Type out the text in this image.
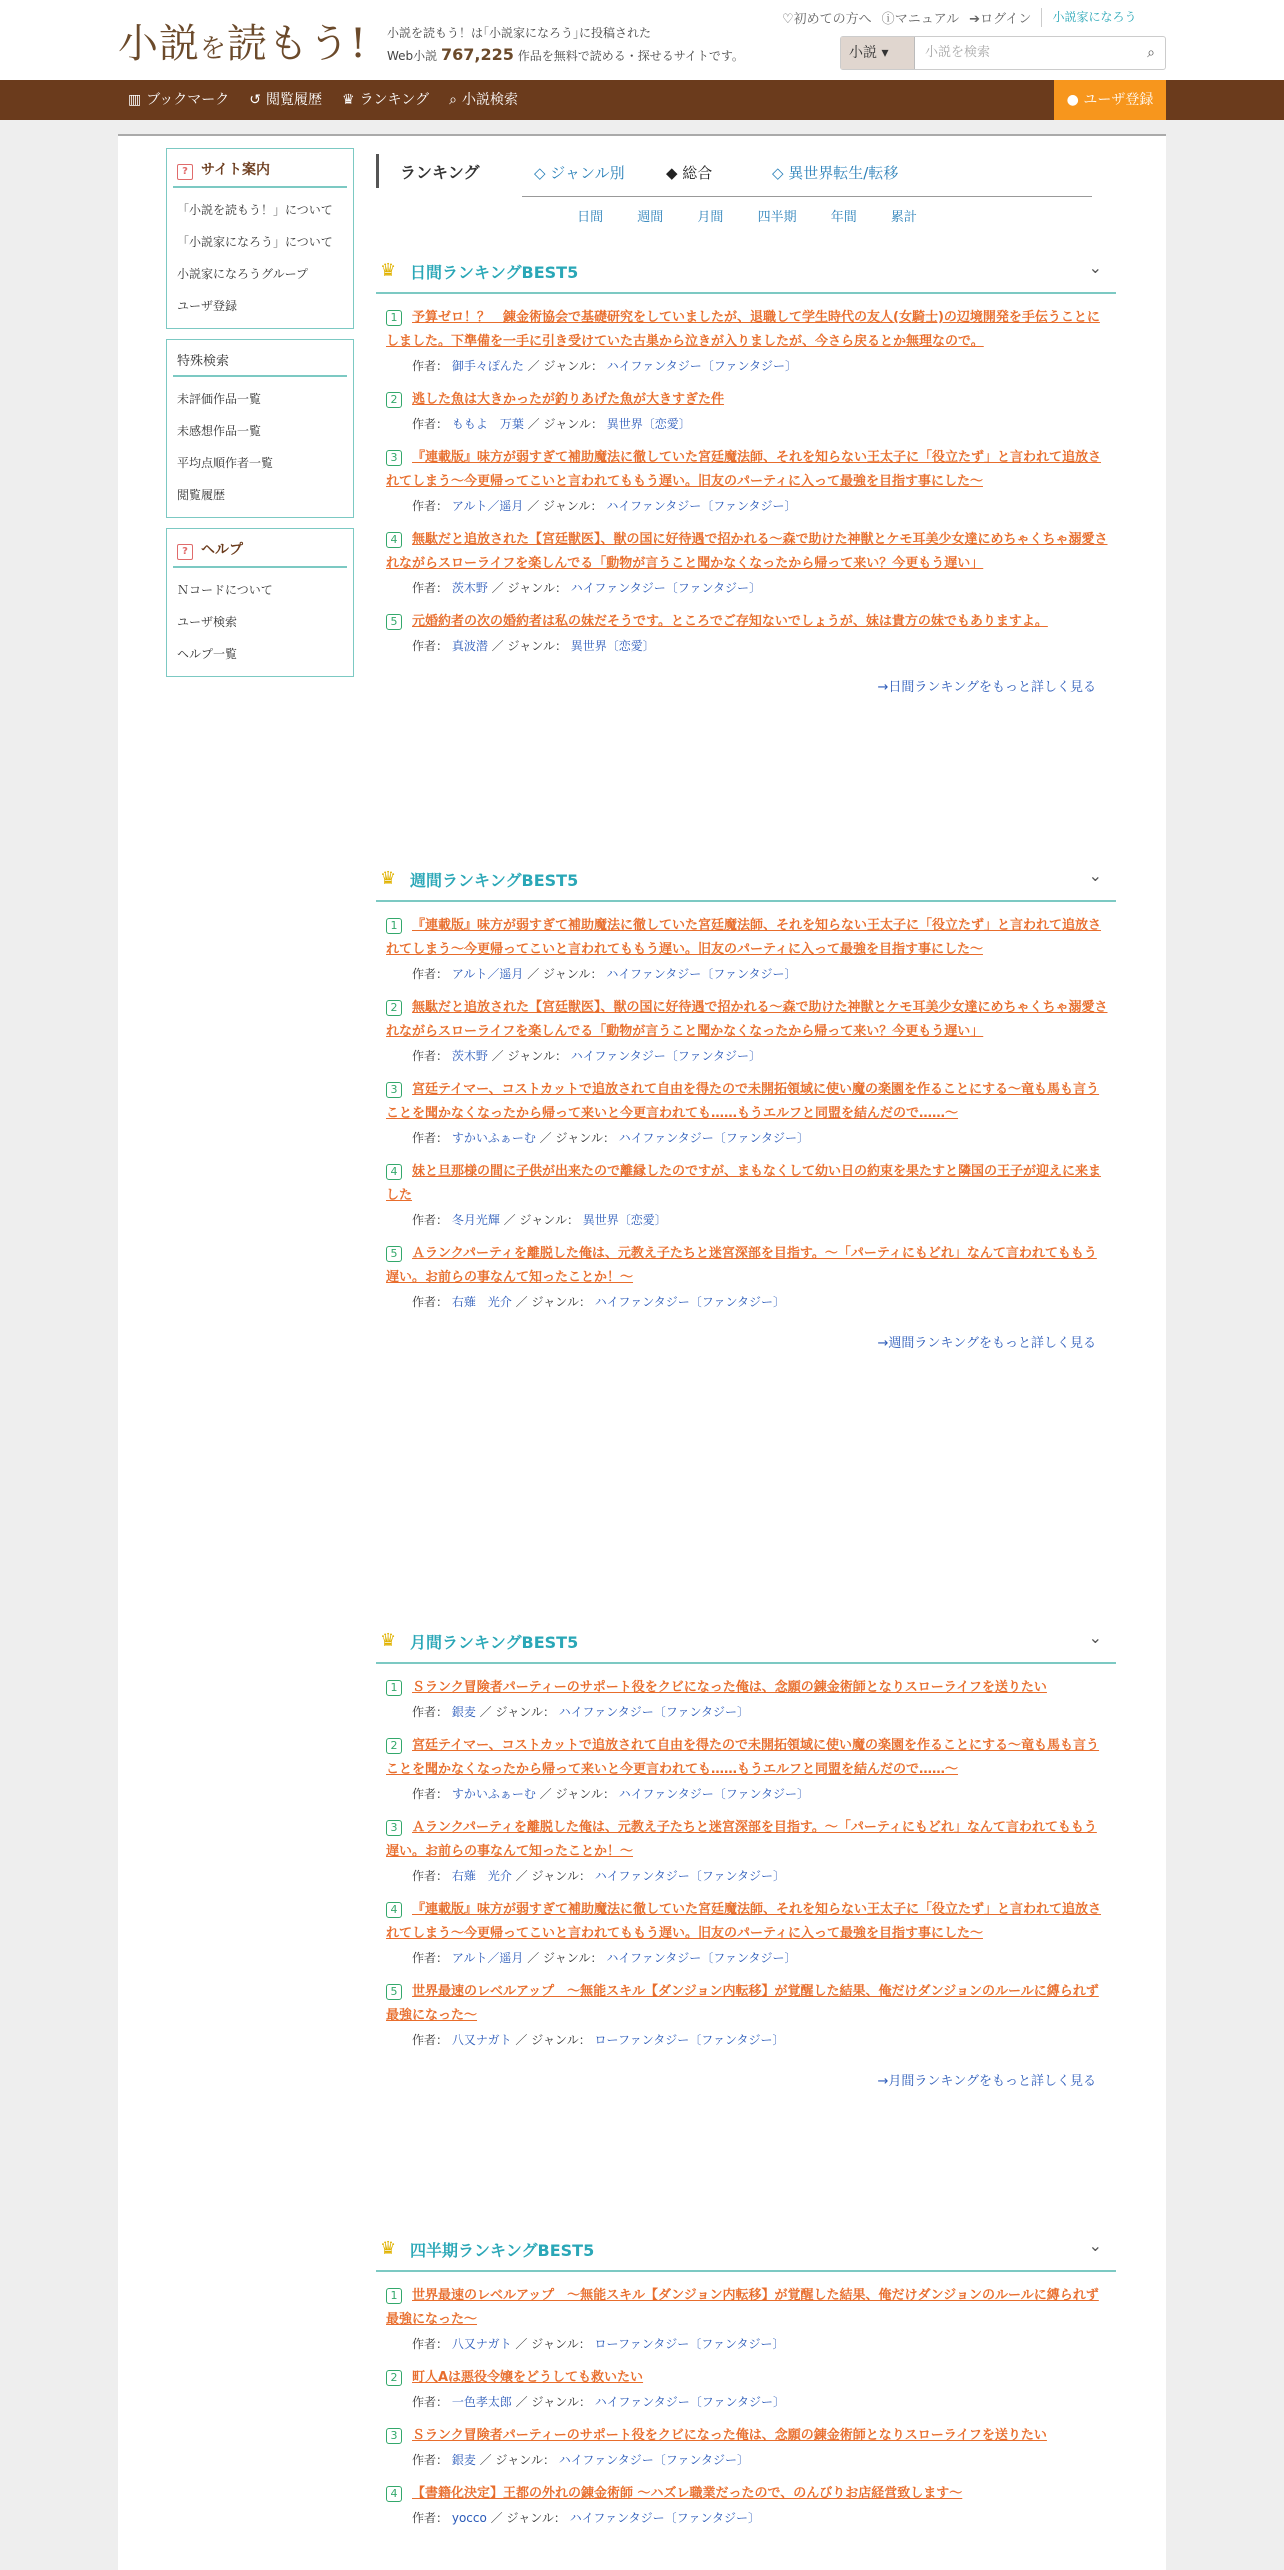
小説を読もう! 小説を読もう！は｢小説家になろう｣に投稿された
Web小説 767,225 作品を無料で読める・探せるサイトです。
♡初めての方へ ⓘマニュアル ➔ログイン	小説家になろう
小説 ▾	小説を検索	⌕
▥ ブックマーク ↺ 閲覧履歴 ♛ ランキング ⌕ 小説検索	● ユーザ登録
? サイト案内
「小説を読もう！」について
「小説家になろう」について
小説家になろうグループ
ユーザ登録
特殊検索
未評価作品一覧
未感想作品一覧
平均点順作者一覧
閲覧履歴
? ヘルプ
Ｎコードについて
ユーザ検索
ヘルプ一覧
ランキング	◇ ジャンル別	◆ 総合	◇ 異世界転生/転移
日間	週間	月間	四半期	年間	累計
♛ 日間ランキングBEST5	⌄
1 予算ゼロ！？　錬金術協会で基礎研究をしていましたが、退職して学生時代の友人(女騎士)の辺境開発を手伝うことにしました。下準備を一手に引き受けていた古巣から泣きが入りましたが、今さら戻るとか無理なので。
作者： 御手々ぽんた ／ ジャンル： ハイファンタジー〔ファンタジー〕
2 逃した魚は大きかったが釣りあげた魚が大きすぎた件
作者： ももよ　万葉 ／ ジャンル： 異世界〔恋愛〕
3 『連載版』味方が弱すぎて補助魔法に徹していた宮廷魔法師、それを知らない王太子に「役立たず」と言われて追放されてしまう〜今更帰ってこいと言われてももう遅い。旧友のパーティに入って最強を目指す事にした〜
作者： アルト／遥月 ／ ジャンル： ハイファンタジー〔ファンタジー〕
4 無駄だと追放された【宮廷獣医】、獣の国に好待遇で招かれる～森で助けた神獣とケモ耳美少女達にめちゃくちゃ溺愛されながらスローライフを楽しんでる「動物が言うこと聞かなくなったから帰って来い？今更もう遅い」
作者： 茨木野 ／ ジャンル： ハイファンタジー〔ファンタジー〕
5 元婚約者の次の婚約者は私の妹だそうです。ところでご存知ないでしょうが、妹は貴方の妹でもありますよ。
作者： 真波潜 ／ ジャンル： 異世界〔恋愛〕
→日間ランキングをもっと詳しく見る
♛ 週間ランキングBEST5	⌄
1 『連載版』味方が弱すぎて補助魔法に徹していた宮廷魔法師、それを知らない王太子に「役立たず」と言われて追放されてしまう〜今更帰ってこいと言われてももう遅い。旧友のパーティに入って最強を目指す事にした〜
作者： アルト／遥月 ／ ジャンル： ハイファンタジー〔ファンタジー〕
2 無駄だと追放された【宮廷獣医】、獣の国に好待遇で招かれる～森で助けた神獣とケモ耳美少女達にめちゃくちゃ溺愛されながらスローライフを楽しんでる「動物が言うこと聞かなくなったから帰って来い？今更もう遅い」
作者： 茨木野 ／ ジャンル： ハイファンタジー〔ファンタジー〕
3 宮廷テイマー、コストカットで追放されて自由を得たので未開拓領域に使い魔の楽園を作ることにする～竜も馬も言うことを聞かなくなったから帰って来いと今更言われても……もうエルフと同盟を結んだので……～
作者： すかいふぁーむ ／ ジャンル： ハイファンタジー〔ファンタジー〕
4 妹と旦那様の間に子供が出来たので離縁したのですが、まもなくして幼い日の約束を果たすと隣国の王子が迎えに来ました
作者： 冬月光輝 ／ ジャンル： 異世界〔恋愛〕
5 Ａランクパーティを離脱した俺は、元教え子たちと迷宮深部を目指す。～「パーティにもどれ」なんて言われてももう遅い。お前らの事なんて知ったことか！～
作者： 右薙　光介 ／ ジャンル： ハイファンタジー〔ファンタジー〕
→週間ランキングをもっと詳しく見る
♛ 月間ランキングBEST5	⌄
1 Ｓランク冒険者パーティーのサポート役をクビになった俺は、念願の錬金術師となりスローライフを送りたい
作者： 銀麦 ／ ジャンル： ハイファンタジー〔ファンタジー〕
2 宮廷テイマー、コストカットで追放されて自由を得たので未開拓領域に使い魔の楽園を作ることにする～竜も馬も言うことを聞かなくなったから帰って来いと今更言われても……もうエルフと同盟を結んだので……～
作者： すかいふぁーむ ／ ジャンル： ハイファンタジー〔ファンタジー〕
3 Ａランクパーティを離脱した俺は、元教え子たちと迷宮深部を目指す。～「パーティにもどれ」なんて言われてももう遅い。お前らの事なんて知ったことか！～
作者： 右薙　光介 ／ ジャンル： ハイファンタジー〔ファンタジー〕
4 『連載版』味方が弱すぎて補助魔法に徹していた宮廷魔法師、それを知らない王太子に「役立たず」と言われて追放されてしまう〜今更帰ってこいと言われてももう遅い。旧友のパーティに入って最強を目指す事にした〜
作者： アルト／遥月 ／ ジャンル： ハイファンタジー〔ファンタジー〕
5 世界最速のレベルアップ　～無能スキル【ダンジョン内転移】が覚醒した結果、俺だけダンジョンのルールに縛られず最強になった～
作者： 八又ナガト ／ ジャンル： ローファンタジー〔ファンタジー〕
→月間ランキングをもっと詳しく見る
♛ 四半期ランキングBEST5	⌄
1 世界最速のレベルアップ　～無能スキル【ダンジョン内転移】が覚醒した結果、俺だけダンジョンのルールに縛られず最強になった～
作者： 八又ナガト ／ ジャンル： ローファンタジー〔ファンタジー〕
2 町人Aは悪役令嬢をどうしても救いたい
作者： 一色孝太郎 ／ ジャンル： ハイファンタジー〔ファンタジー〕
3 Ｓランク冒険者パーティーのサポート役をクビになった俺は、念願の錬金術師となりスローライフを送りたい
作者： 銀麦 ／ ジャンル： ハイファンタジー〔ファンタジー〕
4 【書籍化決定】王都の外れの錬金術師 ～ハズレ職業だったので、のんびりお店経営致します～
作者： yocco ／ ジャンル： ハイファンタジー〔ファンタジー〕
